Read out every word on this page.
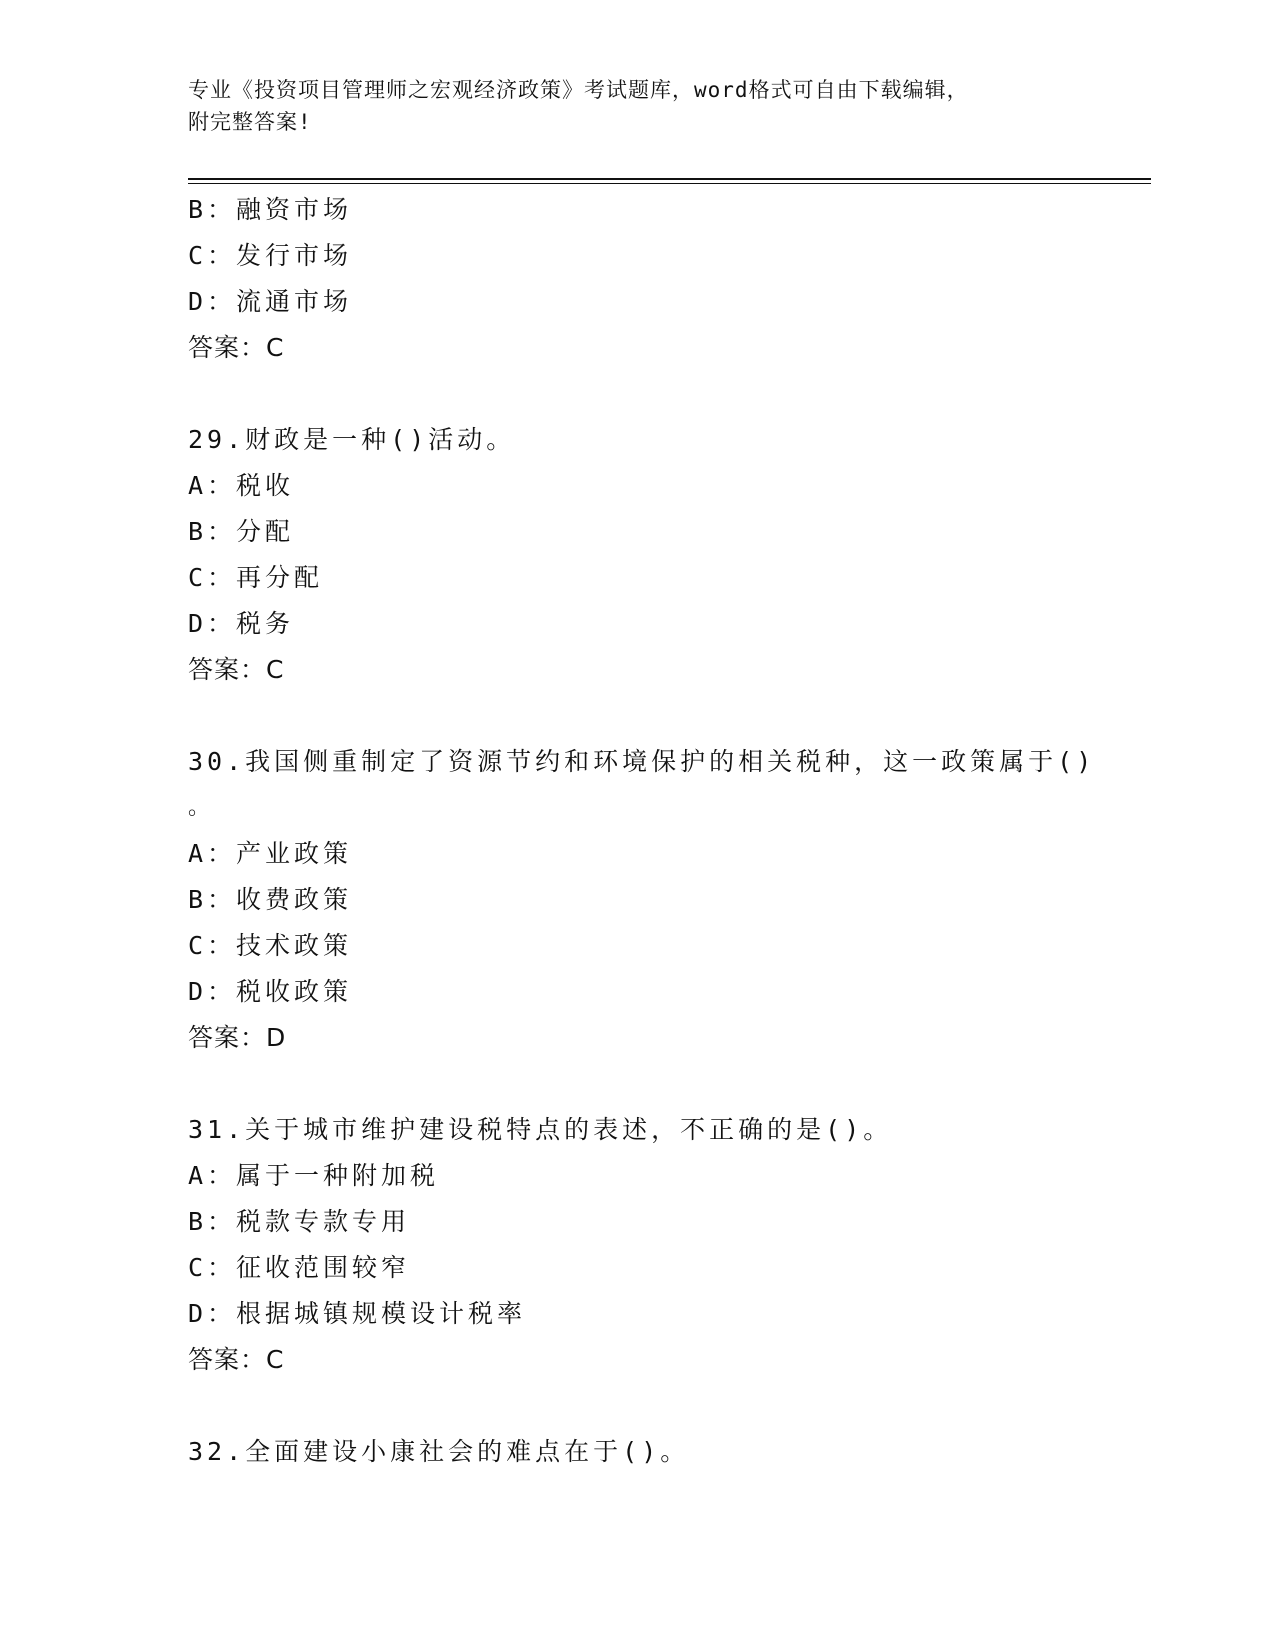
专业《投资项目管理师之宏观经济政策》考试题库，word格式可自由下载编辑，
附完整答案!
B：融资市场
C：发行市场
D：流通市场
答案：C
29.财政是一种()活动。
A：税收
B：分配
C：再分配
D：税务
答案：C
30.我国侧重制定了资源节约和环境保护的相关税种，这一政策属于()
。
A：产业政策
B：收费政策
C：技术政策
D：税收政策
答案：D
31.关于城市维护建设税特点的表述，不正确的是()。
A：属于一种附加税
B：税款专款专用
C：征收范围较窄
D：根据城镇规模设计税率
答案：C
32.全面建设小康社会的难点在于()。
